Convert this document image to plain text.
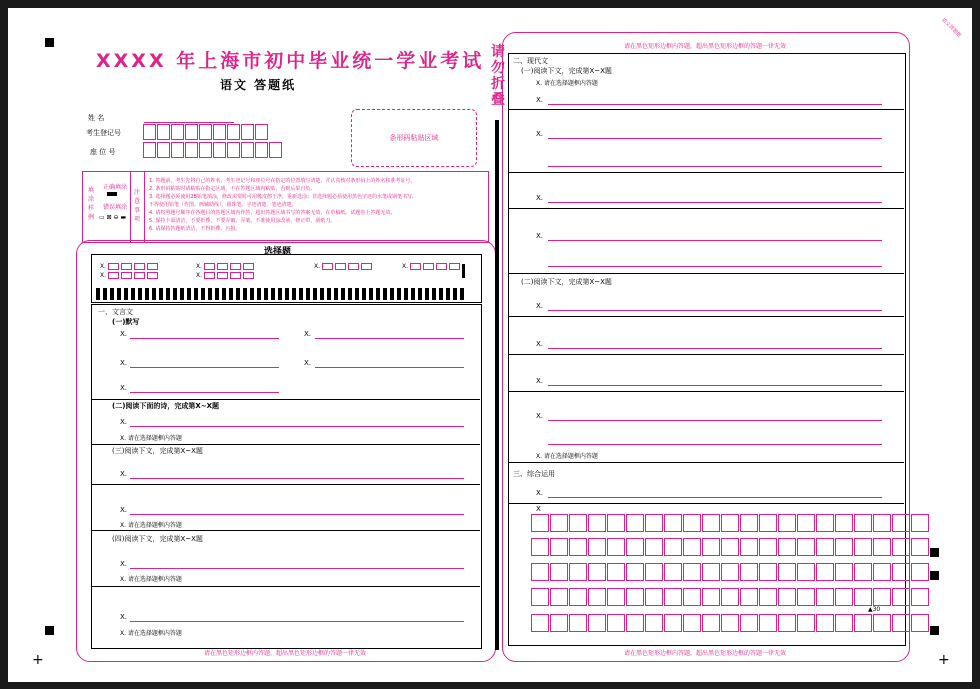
+	+
语文答题纸
XXXX 年上海市初中毕业统一学业考试
语文 答题纸
姓 名
考生登记号
座 位 号
条形码粘贴区域
填涂样例
正确填涂
错误填涂
▭ ⊠ ⊖ ▬
注意事项
1. 答题前，考生先将自己的姓名、考生登记号和座位号在指定的位置填写清楚，并认真核对条形码上的姓名和准考证号。
2. 条形码粘贴时请粘贴在指定区域，不在答题区域内粘贴，否则后果自负。
3. 选择题必须使用2B铅笔填涂，修改需要时可用橡皮擦干净，重新选涂；非选择题必须使用黑色字迹的水笔或钢笔书写，
不得使用铅笔（作图、画辅助线）、圆珠笔、字迹清楚、笔迹清楚。
4. 请按照题号顺序在各题目的答题区域内作答，超出答题区域书写的答案无效，在草稿纸、试题卷上答题无效。
5. 保持卡面清洁，不要折叠、不要弄破、弄皱，不准使用涂改液、修正带、刮纸刀。
6. 请保持答题纸清洁，不得折叠、污损。
选择题
X.	X.	X.	X.
X.	X.
一、文言文
(一)默写
X.	X.
X.	X.
X.
(二)阅读下面的诗，完成第X~X题
X.
X. 请在选择题框内答题
(三)阅读下文，完成第X~X题
X.
X.
X. 请在选择题框内答题
(四)阅读下文，完成第X~X题
X.
X. 请在选择题框内答题
X.
X. 请在选择题框内答题
请在黑色矩形边框内答题，超出黑色矩形边框的答题一律无效
请
勿
折
叠
请在黑色矩形边框内答题，超出黑色矩形边框的答题一律无效
二、现代文
(一)阅读下文，完成第X~X题
X. 请在选择题框内答题
X.
X.
X.
X.
(二)阅读下文，完成第X~X题
X.
X.
X.
X.
X. 请在选择题框内答题
三、综合运用
X.
X
▲30
请在黑色矩形边框内答题，超出黑色矩形边框的答题一律无效
